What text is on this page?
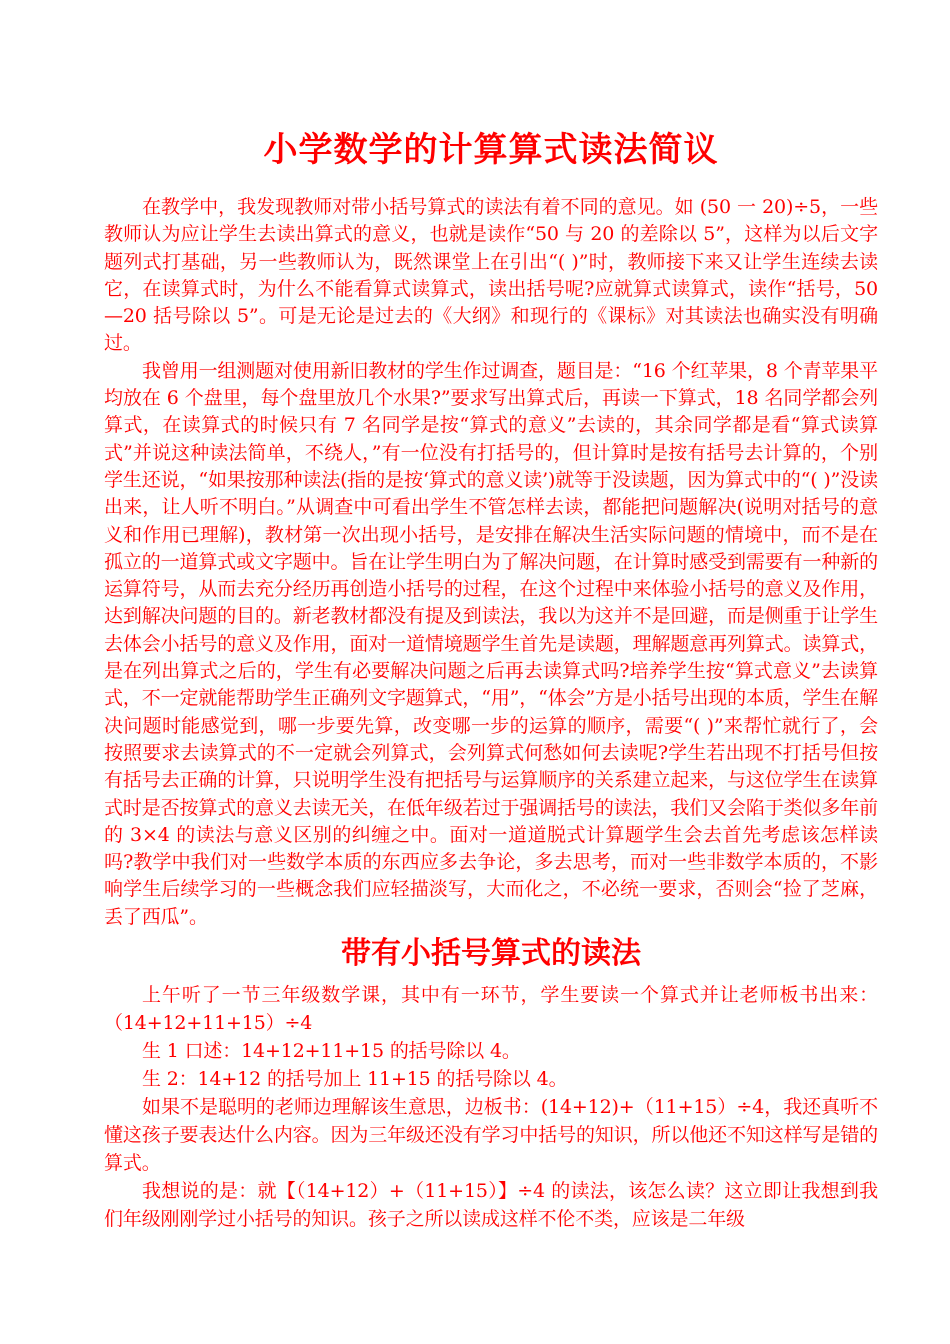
小学数学的计算算式读法简议

在教学中，我发现教师对带小括号算式的读法有着不同的意见。如 (50 一 20)÷5，一些教师认为应让学生去读出算式的意义，也就是读作“50 与 20 的差除以 5”，这样为以后文字题列式打基础，另一些教师认为，既然课堂上在引出“( )”时，教师接下来又让学生连续去读它，在读算式时，为什么不能看算式读算式，读出括号呢?应就算式读算式，读作“括号，50—20 括号除以 5”。可是无论是过去的《大纲》和现行的《课标》对其读法也确实没有明确过。

我曾用一组测题对使用新旧教材的学生作过调查，题目是：“16 个红苹果，8 个青苹果平均放在 6 个盘里，每个盘里放几个水果?”要求写出算式后，再读一下算式，18 名同学都会列算式，在读算式的时候只有 7 名同学是按“算式的意义”去读的，其余同学都是看“算式读算式”并说这种读法简单，不绕人，”有一位没有打括号的，但计算时是按有括号去计算的，个别学生还说，“如果按那种读法(指的是按‘算式的意义读’)就等于没读题，因为算式中的“( )”没读出来，让人听不明白。”从调查中可看出学生不管怎样去读，都能把问题解决(说明对括号的意义和作用已理解)，教材第一次出现小括号，是安排在解决生活实际问题的情境中，而不是在孤立的一道算式或文字题中。旨在让学生明白为了解决问题，在计算时感受到需要有一种新的运算符号，从而去充分经历再创造小括号的过程，在这个过程中来体验小括号的意义及作用，达到解决问题的目的。新老教材都没有提及到读法，我以为这并不是回避，而是侧重于让学生去体会小括号的意义及作用，面对一道情境题学生首先是读题，理解题意再列算式。读算式，是在列出算式之后的，学生有必要解决问题之后再去读算式吗?培养学生按“算式意义”去读算式，不一定就能帮助学生正确列文字题算式，“用”，“体会”方是小括号出现的本质，学生在解决问题时能感觉到，哪一步要先算，改变哪一步的运算的顺序，需要“( )”来帮忙就行了，会按照要求去读算式的不一定就会列算式，会列算式何愁如何去读呢?学生若出现不打括号但按有括号去正确的计算，只说明学生没有把括号与运算顺序的关系建立起来，与这位学生在读算式时是否按算式的意义去读无关，在低年级若过于强调括号的读法，我们又会陷于类似多年前的 3×4 的读法与意义区别的纠缠之中。面对一道道脱式计算题学生会去首先考虑该怎样读吗?教学中我们对一些数学本质的东西应多去争论，多去思考，而对一些非数学本质的，不影响学生后续学习的一些概念我们应轻描淡写，大而化之，不必统一要求，否则会“捡了芝麻，丢了西瓜”。

带有小括号算式的读法

上午听了一节三年级数学课，其中有一环节，学生要读一个算式并让老师板书出来：（14+12+11+15）÷4

生 1 口述：14+12+11+15 的括号除以 4。

生 2：14+12 的括号加上 11+15 的括号除以 4。

如果不是聪明的老师边理解该生意思，边板书：(14+12)+（11+15）÷4，我还真听不懂这孩子要表达什么内容。因为三年级还没有学习中括号的知识，所以他还不知这样写是错的算式。

我想说的是：就【（14+12）+（11+15）】÷4 的读法，该怎么读？这立即让我想到我们年级刚刚学过小括号的知识。孩子之所以读成这样不伦不类，应该是二年级
